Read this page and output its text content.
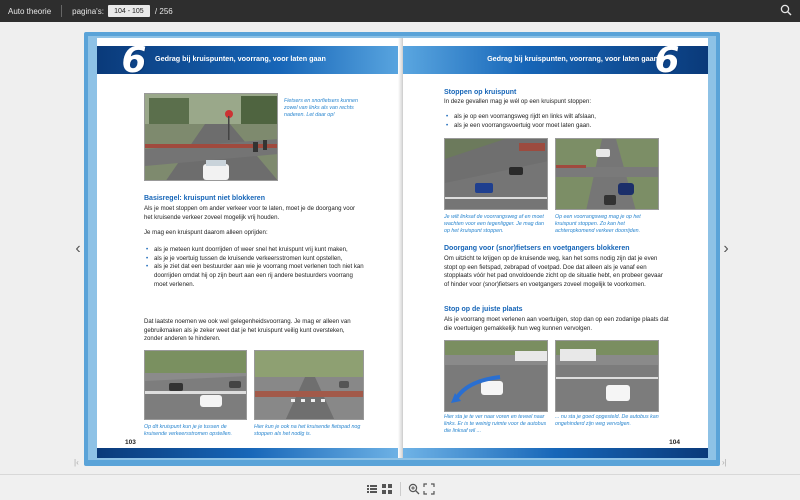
Auto theorie	pagina's:
104 - 105	/ 256
‹	›
|‹	›|
6	Gedrag bij kruispunten, voorrang, voor laten gaan
Fietsers en snorfietsers kunnen zowel van links als van rechts naderen. Let daar op!
Basisregel: kruispunt niet blokkeren
Als je moet stoppen om ander verkeer voor te laten, moet je de doorgang voor het kruisende verkeer zoveel mogelijk vrij houden.
Je mag een kruispunt daarom alleen oprijden:
• als je meteen kunt doorrijden of weer snel het kruispunt vrij kunt maken,
• als je je voertuig tussen de kruisende verkeersstromen kunt opstellen,
• als je ziet dat een bestuurder aan wie je voorrang moet verlenen toch niet kan doorrijden omdat hij op zijn beurt aan een rij andere bestuurders voorrang moet verlenen.
Dat laatste noemen we ook wel gelegenheidsvoorrang. Je mag er alleen van gebruikmaken als je zeker weet dat je het kruispunt veilig kunt oversteken, zonder anderen te hinderen.
Op dit kruispunt kun je je tussen de kruisende verkeersstromen opstellen.
Hier kun je ook na het kruisende fietspad nog stoppen als het nodig is.
103
Gedrag bij kruispunten, voorrang, voor laten gaan
6
Stoppen op kruispunt
In deze gevallen mag je wél op een kruispunt stoppen:
• als je op een voorrangsweg rijdt en links wilt afslaan,
• als je een voorrangsvoertuig voor moet laten gaan.
Je wilt linksaf de voorrangsweg af en moet wachten voor een tegenligger. Je mag dan op het kruispunt stoppen.
Op een voorrangsweg mag je op het kruispunt stoppen. Zo kan het achteropkomend verkeer doorrijden.
Doorgang voor (snor)fietsers en voetgangers blokkeren
Om uitzicht te krijgen op de kruisende weg, kan het soms nodig zijn dat je even stopt op een fietspad, zebrapad of voetpad. Doe dat alleen als je vanaf een stopplaats vóór het pad onvoldoende zicht op de situatie hebt, en probeer gevaar of hinder voor (snor)fietsers en voetgangers zoveel mogelijk te voorkomen.
Stop op de juiste plaats
Als je voorrang moet verlenen aan voertuigen, stop dan op een zodanige plaats dat die voertuigen gemakkelijk hun weg kunnen vervolgen.
Hier sta je te ver naar voren en teveel naar links. Er is te weinig ruimte voor de autobus die linksaf wil ...
... nu sta je goed opgesteld. De autobus kan ongehinderd zijn weg vervolgen.
104
